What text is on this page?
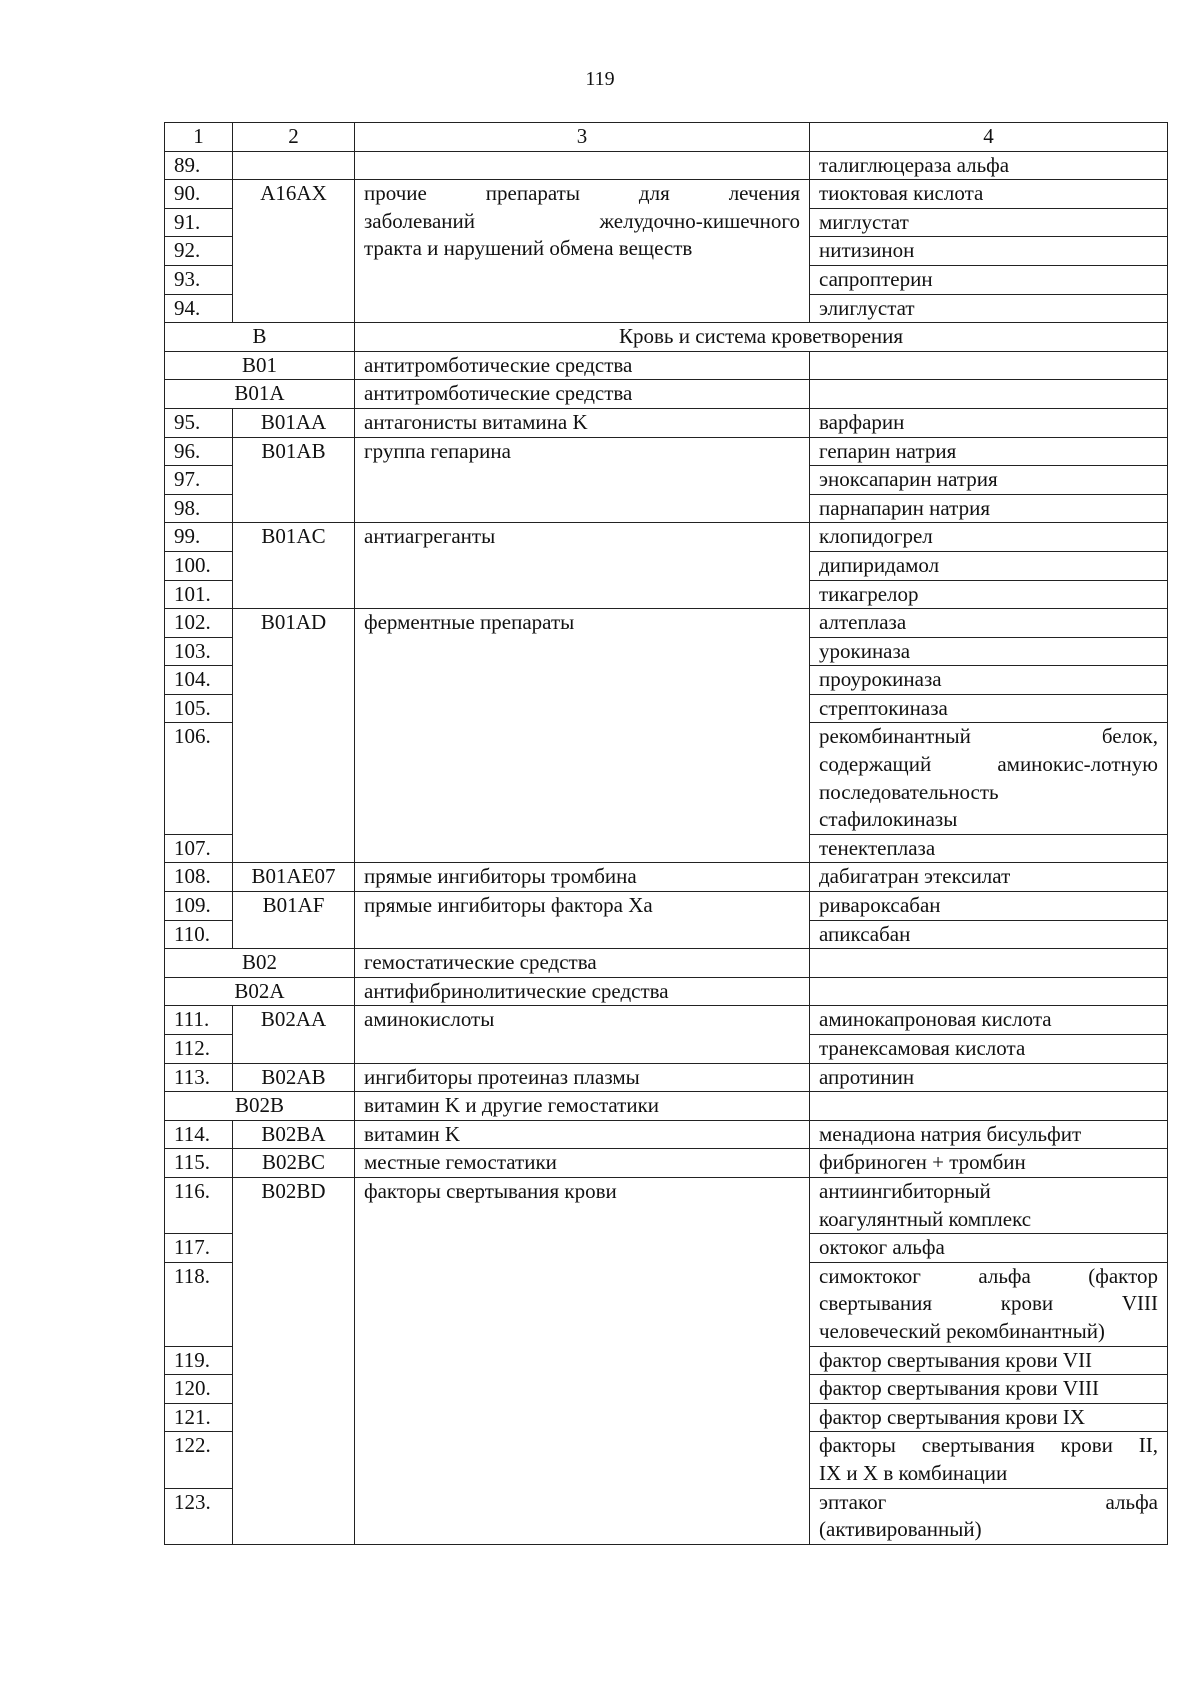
119
1	2	3	4
89.			талиглюцераза альфа
90.	A16AX	прочие препараты для лечения
заболеваний желудочно-кишечного
тракта и нарушений обмена веществ	тиоктовая кислота
91.			миглустат
92.			нитизинон
93.			сапроптерин
94.			элиглустат
В		Кровь и система кроветворения	
B01		антитромботические средства	
B01A		антитромботические средства	
95.	B01AA	антагонисты витамина K	варфарин
96.	B01AB	группа гепарина	гепарин натрия
97.			эноксапарин натрия
98.			парнапарин натрия
99.	B01AC	антиагреганты	клопидогрел
100.			дипиридамол
101.			тикагрелор
102.	B01AD	ферментные препараты	алтеплаза
103.			урокиназа
104.			проурокиназа
105.			стрептокиназа
106.			рекомбинантный белок,
содержащий аминокис-лотную
последовательность
стафилокиназы

107.			тенектеплаза
108.	B01AE07	прямые ингибиторы тромбина	дабигатран этексилат
109.	B01AF	прямые ингибиторы фактора Xa	ривароксабан
110.			апиксабан
B02		гемостатические средства	
B02A		антифибринолитические средства	
111.	B02AA	аминокислоты	аминокапроновая кислота
112.			транексамовая кислота
113.	B02AB	ингибиторы протеиназ плазмы	апротинин
B02B		витамин K и другие гемостатики	
114.	B02BA	витамин K	менадиона натрия бисульфит
115.	B02BC	местные гемостатики	фибриноген + тромбин
116.	B02BD	факторы свертывания крови	антиингибиторный
коагулянтный комплекс

117.			октоког альфа
118.			симоктоког альфа (фактор
свертывания крови VIII
человеческий рекомбинантный)

119.			фактор свертывания крови VII
120.			фактор свертывания крови VIII
121.			фактор свертывания крови IX
122.			факторы свертывания крови II,
IX и X в комбинации

123.			эптаког альфа
(активированный)
